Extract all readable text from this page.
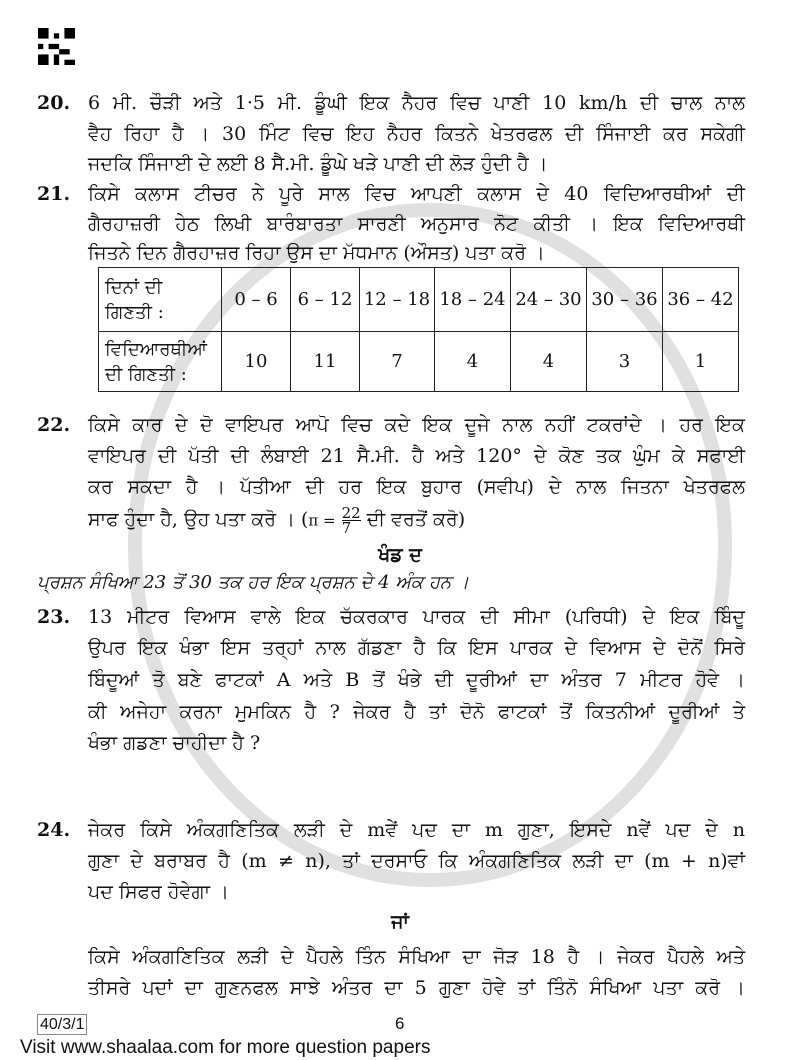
20. 6 ਮੀ. ਚੌੜੀ ਅਤੇ 1·5 ਮੀ. ਡੂੰਘੀ ਇਕ ਨੈਹਰ ਵਿਚ ਪਾਣੀ 10 km/h ਦੀ ਚਾਲ ਨਾਲ
ਵੈਹ ਰਿਹਾ ਹੈ । 30 ਮਿੰਟ ਵਿਚ ਇਹ ਨੈਹਰ ਕਿਤਨੇ ਖੇਤਰਫਲ ਦੀ ਸਿੰਜਾਈ ਕਰ ਸਕੇਗੀ
ਜਦਕਿ ਸਿੰਜਾਈ ਦੇ ਲਈ 8 ਸੈ.ਮੀ. ਡੂੰਘੇ ਖੜੇ ਪਾਣੀ ਦੀ ਲੋੜ ਹੁੰਦੀ ਹੈ ।
21. ਕਿਸੇ ਕਲਾਸ ਟੀਚਰ ਨੇ ਪੂਰੇ ਸਾਲ ਵਿਚ ਆਪਣੀ ਕਲਾਸ ਦੇ 40 ਵਿਦਿਆਰਥੀਆਂ ਦੀ
ਗੈਰਹਾਜ਼ਰੀ ਹੇਠ ਲਿਖੀ ਬਾਰੰਬਾਰਤਾ ਸਾਰਣੀ ਅਨੁਸਾਰ ਨੋਟ ਕੀਤੀ । ਇਕ ਵਿਦਿਆਰਥੀ
ਜਿਤਨੇ ਦਿਨ ਗੈਰਹਾਜ਼ਰ ਰਿਹਾ ਉਸ ਦਾ ਮੱਧਮਾਨ (ਔਸਤ) ਪਤਾ ਕਰੋ ।
ਦਿਨਾਂ ਦੀ
ਗਿਣਤੀ :	0 – 6	6 – 12	12 – 18	18 – 24	24 – 30	30 – 36	36 – 42
ਵਿਦਿਆਰਥੀਆਂ
ਦੀ ਗਿਣਤੀ :	10	11	7	4	4	3	1
22. ਕਿਸੇ ਕਾਰ ਦੇ ਦੋ ਵਾਇਪਰ ਆਪੋ ਵਿਚ ਕਦੇ ਇਕ ਦੂਜੇ ਨਾਲ ਨਹੀਂ ਟਕਰਾਂਦੇ । ਹਰ ਇਕ
ਵਾਇਪਰ ਦੀ ਪੱਤੀ ਦੀ ਲੰਬਾਈ 21 ਸੈ.ਮੀ. ਹੈ ਅਤੇ 120° ਦੇ ਕੋਣ ਤਕ ਘੁੰਮ ਕੇ ਸਫਾਈ
ਕਰ ਸਕਦਾ ਹੈ । ਪੱਤੀਆ ਦੀ ਹਰ ਇਕ ਬੁਹਾਰ (ਸਵੀਪ) ਦੇ ਨਾਲ ਜਿਤਨਾ ਖੇਤਰਫਲ
ਸਾਫ ਹੁੰਦਾ ਹੈ, ਉਹ ਪਤਾ ਕਰੋ । ($\pi = \frac{22}{7}$ ਦੀ ਵਰਤੋਂ ਕਰੋ)
ਖੰਡ ਦ
ਪ੍ਰਸ਼ਨ ਸੰਖਿਆ 23 ਤੋਂ 30 ਤਕ ਹਰ ਇਕ ਪ੍ਰਸ਼ਨ ਦੇ 4 ਅੰਕ ਹਨ ।
23. 13 ਮੀਟਰ ਵਿਆਸ ਵਾਲੇ ਇਕ ਚੱਕਰਕਾਰ ਪਾਰਕ ਦੀ ਸੀਮਾ (ਪਰਿਧੀ) ਦੇ ਇਕ ਬਿੰਦੂ
ਉਪਰ ਇਕ ਖੰਭਾ ਇਸ ਤਰ੍ਹਾਂ ਨਾਲ ਗੱਡਣਾ ਹੈ ਕਿ ਇਸ ਪਾਰਕ ਦੇ ਵਿਆਸ ਦੇ ਦੋਨੋਂ ਸਿਰੇ
ਬਿੰਦੂਆਂ ਤੋ ਬਣੇ ਫਾਟਕਾਂ A ਅਤੇ B ਤੋਂ ਖੰਭੇ ਦੀ ਦੂਰੀਆਂ ਦਾ ਅੰਤਰ 7 ਮੀਟਰ ਹੋਵੇ ।
ਕੀ ਅਜੇਹਾ ਕਰਨਾ ਮੁਮਕਿਨ ਹੈ ? ਜੇਕਰ ਹੈ ਤਾਂ ਦੋਨੋ ਫਾਟਕਾਂ ਤੋਂ ਕਿਤਨੀਆਂ ਦੂਰੀਆਂ ਤੇ
ਖੰਭਾ ਗਡਣਾ ਚਾਹੀਦਾ ਹੈ ?
24. ਜੇਕਰ ਕਿਸੇ ਅੰਕਗਣਿਤਿਕ ਲੜੀ ਦੇ mਵੇਂ ਪਦ ਦਾ m ਗੁਣਾ, ਇਸਦੇ nਵੇਂ ਪਦ ਦੇ n
ਗੁਣਾ ਦੇ ਬਰਾਬਰ ਹੈ (m ≠ n), ਤਾਂ ਦਰਸਾਓ ਕਿ ਅੰਕਗਣਿਤਿਕ ਲੜੀ ਦਾ (m + n)ਵਾਂ
ਪਦ ਸਿਫਰ ਹੋਵੇਗਾ ।
ਜਾਂ
ਕਿਸੇ ਅੰਕਗਣਿਤਿਕ ਲੜੀ ਦੇ ਪੈਹਲੇ ਤਿੰਨ ਸੰਖਿਆ ਦਾ ਜੋੜ 18 ਹੈ । ਜੇਕਰ ਪੈਹਲੇ ਅਤੇ
ਤੀਸਰੇ ਪਦਾਂ ਦਾ ਗੁਣਨਫਲ ਸਾਝੇ ਅੰਤਰ ਦਾ 5 ਗੁਣਾ ਹੋਵੇ ਤਾਂ ਤਿੰਨੋ ਸੰਖਿਆ ਪਤਾ ਕਰੋ ।
40/3/1	6
Visit www.shaalaa.com for more question papers
